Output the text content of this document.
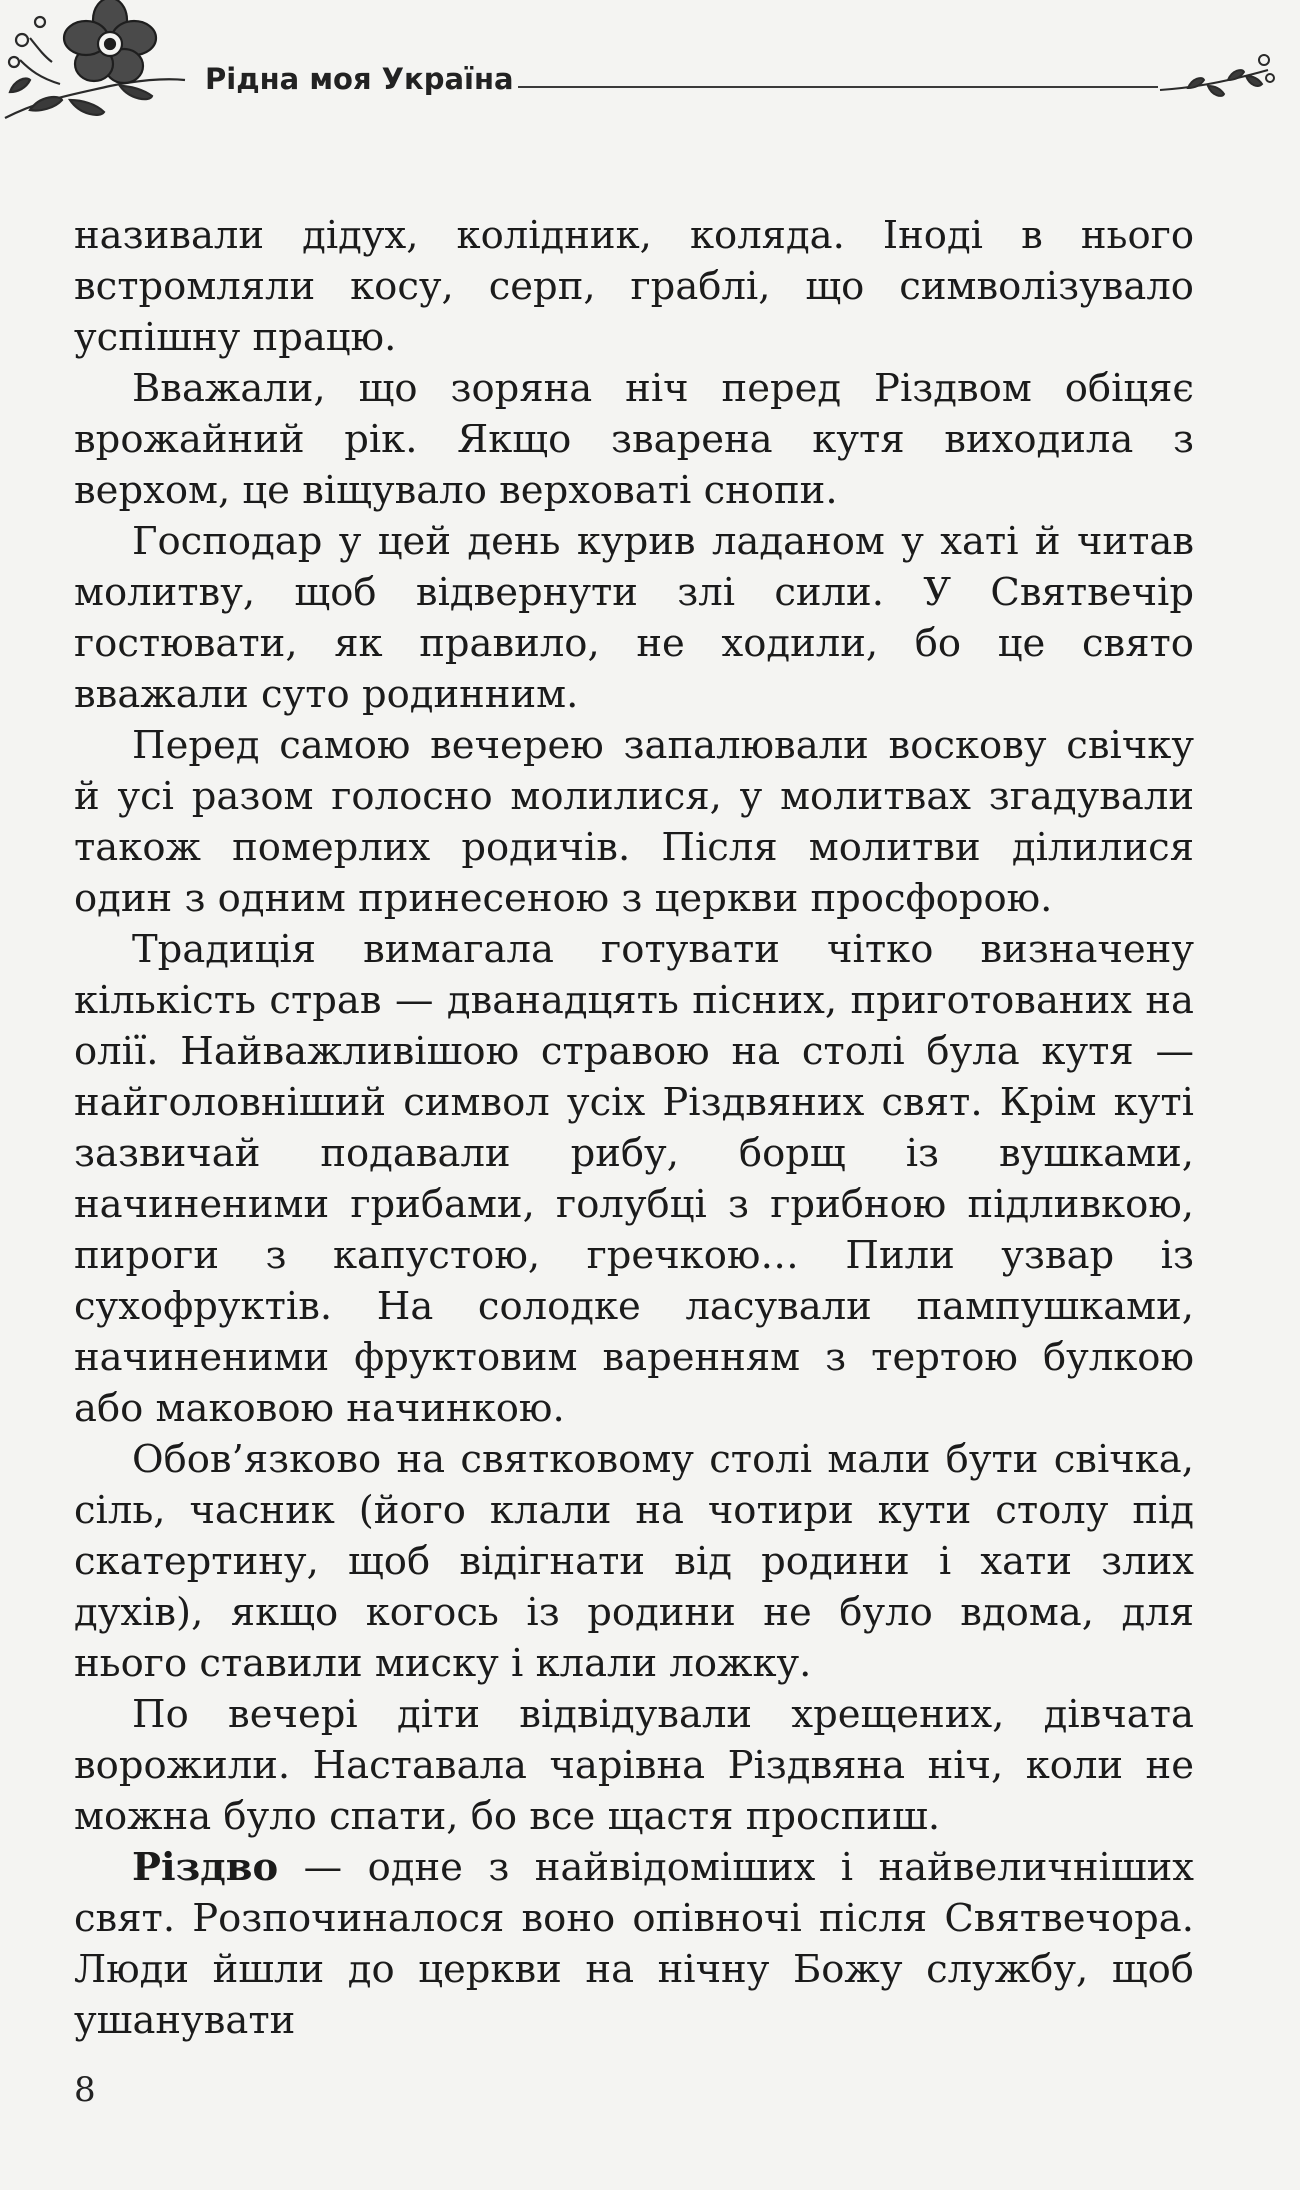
Рідна моя Україна

називали дідух, колідник, коляда. Іноді в нього встромляли косу, серп, граблі, що символізувало успішну працю.

Вважали, що зоряна ніч перед Різдвом обіцяє врожайний рік. Якщо зварена кутя виходила з верхом, це віщувало верховаті снопи.

Господар у цей день курив ладаном у хаті й читав молитву, щоб відвернути злі сили. У Святвечір гостювати, як правило, не ходили, бо це свято вважали суто родинним.

Перед самою вечерею запалювали воскову свічку й усі разом голосно молилися, у молитвах згадували також померлих родичів. Після молитви ділилися один з одним принесеною з церкви просфорою.

Традиція вимагала готувати чітко визначену кількість страв — дванадцять пісних, приготованих на олії. Найважливішою стравою на столі була кутя — найголовніший символ усіх Різдвяних свят. Крім куті зазвичай подавали рибу, борщ із вушками, начиненими грибами, голубці з грибною підливкою, пироги з капустою, гречкою… Пили узвар із сухофруктів. На солодке ласували пампушками, начиненими фруктовим варенням з тертою булкою або маковою начинкою.

Обов’язково на святковому столі мали бути свічка, сіль, часник (його клали на чотири кути столу під скатертину, щоб відігнати від родини і хати злих духів), якщо когось із родини не було вдома, для нього ставили миску і клали ложку.

По вечері діти відвідували хрещених, дівчата ворожили. Наставала чарівна Різдвяна ніч, коли не можна було спати, бо все щастя проспиш.

Різдво — одне з найвідоміших і найвеличніших свят. Розпочиналося воно опівночі після Святвечора. Люди йшли до церкви на нічну Божу службу, щоб ушанувати

8
